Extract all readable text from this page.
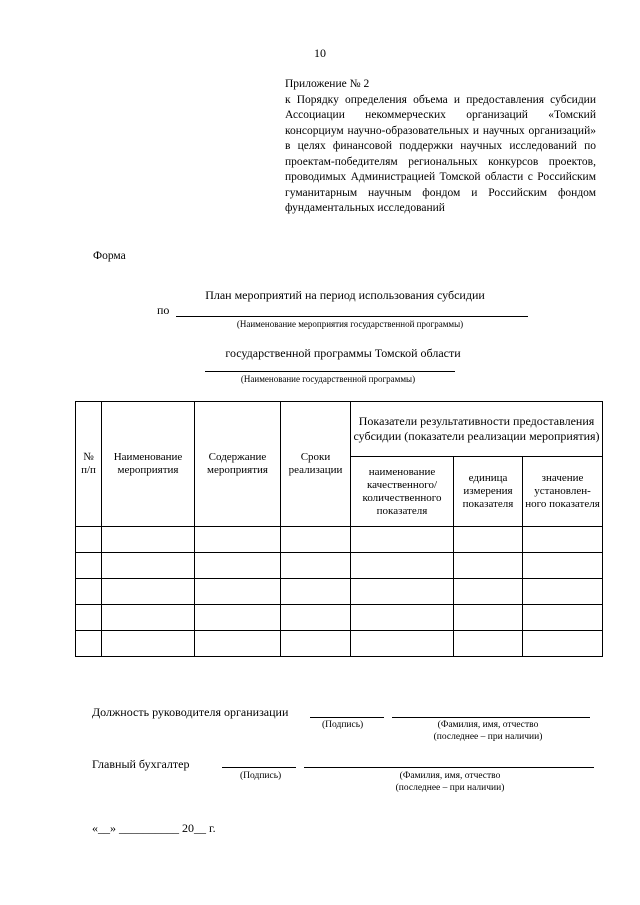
10
Приложение № 2
к Порядку определения объема и предоставления субсидии Ассоциации некоммерческих организаций «Томский консорциум научно-образовательных и научных организаций» в целях финансовой поддержки научных исследований по проектам-победителям региональных конкурсов проектов, проводимых Администрацией Томской области с Российским гуманитарным научным фондом и Российским фондом фундаментальных исследований
Форма
План мероприятий на период использования субсидии
по
(Наименование мероприятия государственной программы)
государственной программы Томской области
(Наименование государственной программы)
№ п/п	Наименование мероприятия	Содержание мероприятия	Сроки реализации	Показатели результативности предоставления субсидии (показатели реализации мероприятия)		
				наименование качественного/ количественного показателя	единица измерения показателя	значение установлен-ного показателя

Должность руководителя организации
(Подпись)	(Фамилия, имя, отчество (последнее – при наличии)
Главный бухгалтер
(Подпись)	(Фамилия, имя, отчество (последнее – при наличии)
«__» __________ 20__ г.
